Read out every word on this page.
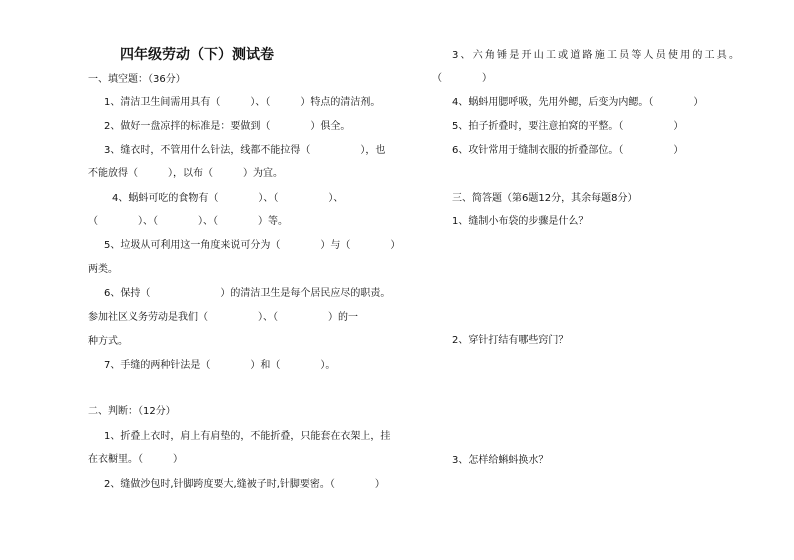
四年级劳动（下）测试卷
一、填空题：（36分）
1、清洁卫生间需用具有（　　　）、（　　　）特点的清洁剂。
2、做好一盘凉拌的标准是：要做到（　　　　）俱全。
3、缝衣时，不管用什么针法，线都不能拉得（　　　　　），也
不能放得（　　　），以布（　　　）为宜。
4、蜗蚪可吃的食物有（　　　　）、（　　　　　）、
（　　　　）、（　　　　）、（　　　　）等。
5、垃圾从可利用这一角度来说可分为（　　　　）与（　　　　）
两类。
6、保持（　　　　　　　）的清洁卫生是每个居民应尽的职责。
参加社区义务劳动是我们（　　　　　）、（　　　　　）的一
种方式。
7、手缝的两种针法是（　　　　）和（　　　　）。
二、判断：（12分）
1、折叠上衣时，肩上有肩垫的，不能折叠，只能套在衣架上，挂
在衣橱里。（　　　）
2、缝做沙包时,针脚跨度要大,缝被子时,针脚要密。（　　　　）
3、六角锤是开山工或道路施工员等人员使用的工具。
（　　　　）
4、蜗蚪用腮呼吸，先用外鳃，后变为内鳃。（　　　　）
5、拍子折叠时，要注意拍窝的平整。（　　　　　）
6、攻针常用于缝制衣服的折叠部位。（　　　　　）
三、简答题（第6题12分，其余每题8分）
1、缝制小布袋的步骤是什么？
2、穿针打结有哪些窍门？
3、怎样给蝌蚪换水？
